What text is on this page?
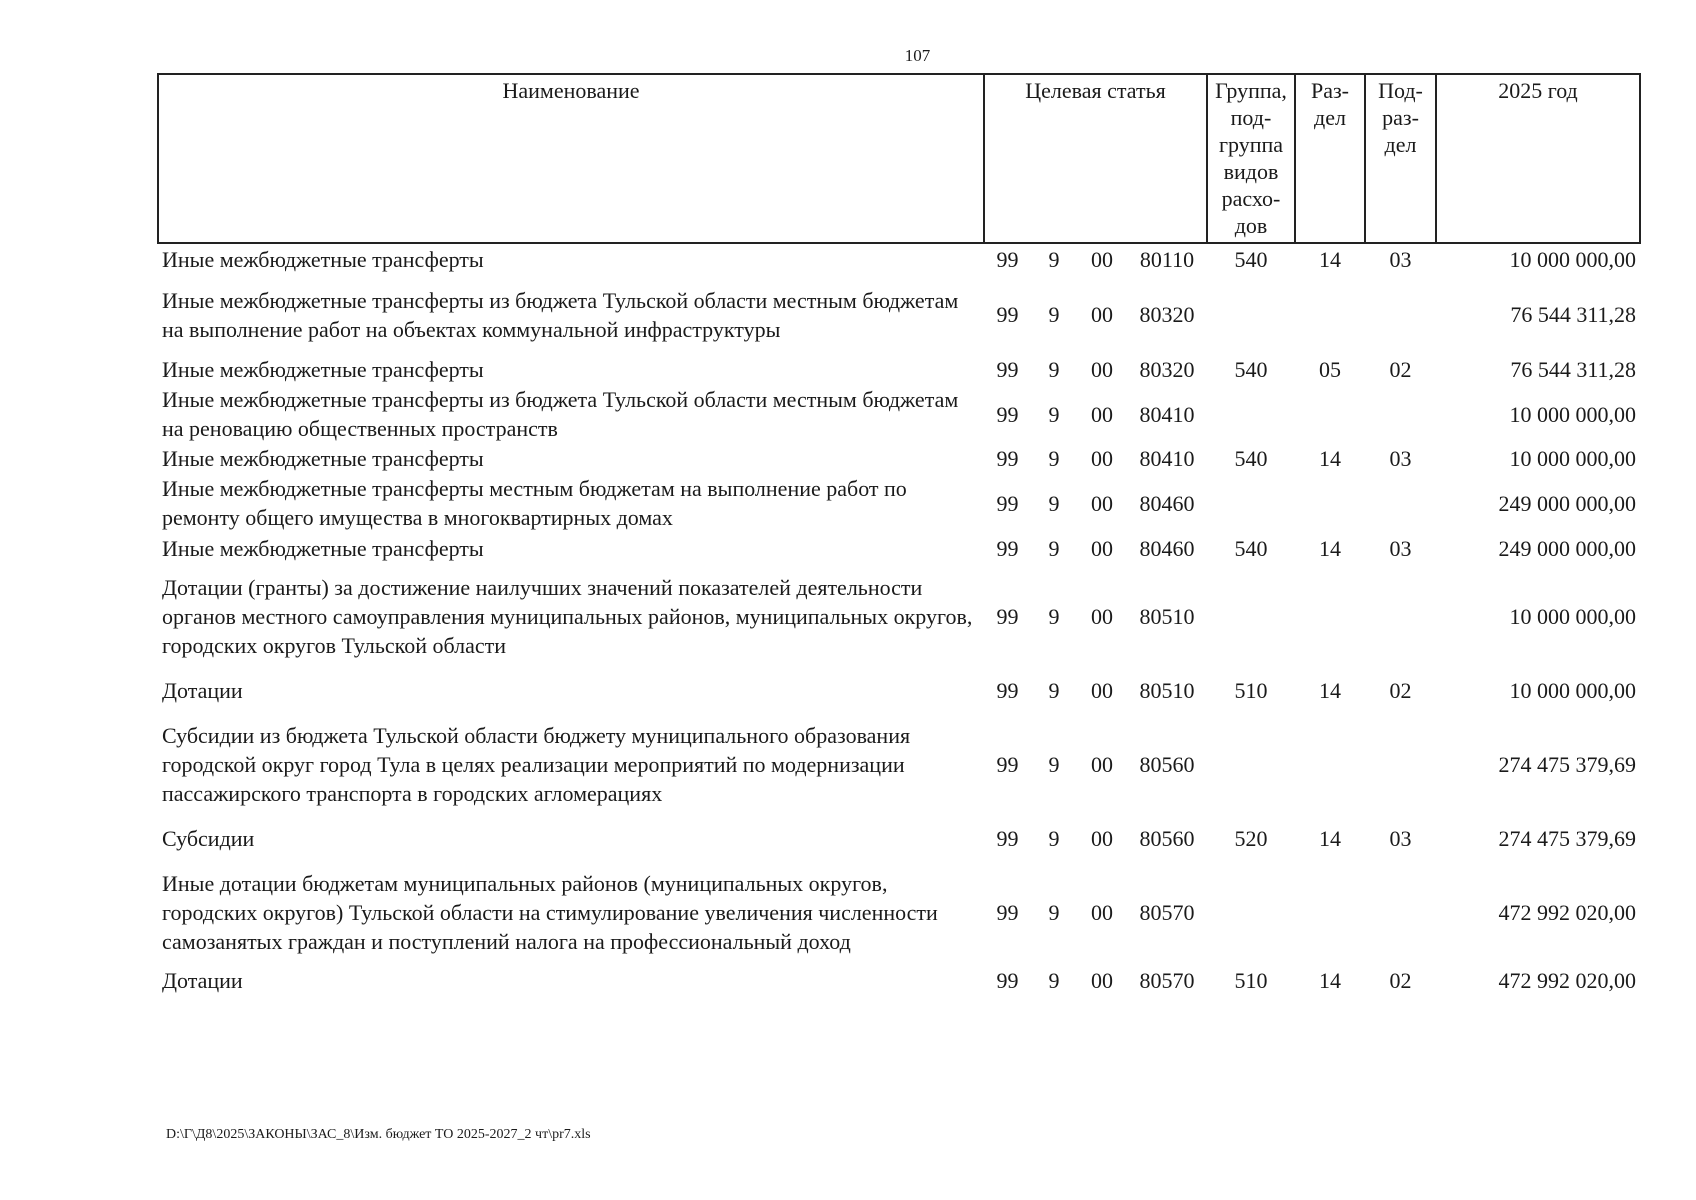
107
Наименование	Целевая статья				Группа, под-группа видов расхо-дов	Раз-дел	Под-раз-дел	2025 год
Иные межбюджетные трансферты	99	9	00	80110	540	14	03	10 000 000,00
Иные межбюджетные трансферты из бюджета Тульской области местным бюджетам на выполнение работ на объектах коммунальной инфраструктуры	99	9	00	80320				76 544 311,28
Иные межбюджетные трансферты	99	9	00	80320	540	05	02	76 544 311,28
Иные межбюджетные трансферты из бюджета Тульской области местным бюджетам на реновацию общественных пространств	99	9	00	80410				10 000 000,00
Иные межбюджетные трансферты	99	9	00	80410	540	14	03	10 000 000,00
Иные межбюджетные трансферты местным бюджетам на выполнение работ по ремонту общего имущества в многоквартирных домах	99	9	00	80460				249 000 000,00
Иные межбюджетные трансферты	99	9	00	80460	540	14	03	249 000 000,00
Дотации (гранты) за достижение наилучших значений показателей деятельности органов местного самоуправления муниципальных районов, муниципальных округов, городских округов Тульской области	99	9	00	80510				10 000 000,00
Дотации	99	9	00	80510	510	14	02	10 000 000,00
Субсидии из бюджета Тульской области бюджету муниципального образования городской округ город Тула в целях реализации мероприятий по модернизации пассажирского транспорта в городских агломерациях	99	9	00	80560				274 475 379,69
Субсидии	99	9	00	80560	520	14	03	274 475 379,69
Иные дотации бюджетам муниципальных районов (муниципальных округов, городских округов) Тульской области на стимулирование увеличения численности самозанятых граждан и поступлений налога на профессиональный доход	99	9	00	80570				472 992 020,00
Дотации	99	9	00	80570	510	14	02	472 992 020,00
D:\Г\Д8\2025\ЗАКОНЫ\ЗАС_8\Изм. бюджет ТО 2025-2027_2 чт\pr7.xls
